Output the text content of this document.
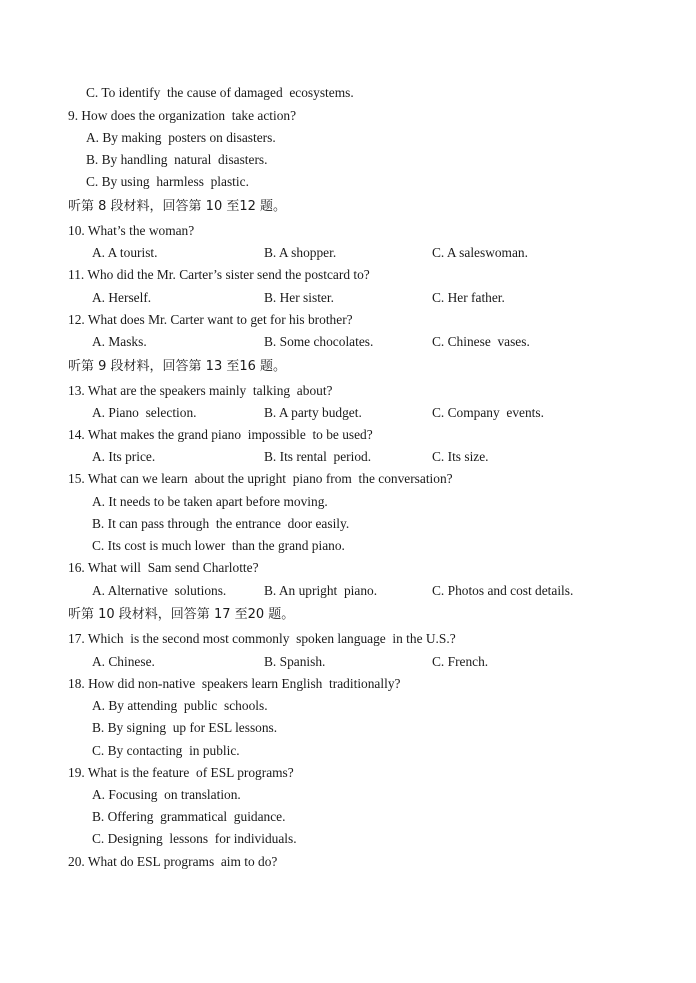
C. To identify  the cause of damaged  ecosystems.
9. How does the organization  take action?
A. By making  posters on disasters.
B. By handling  natural  disasters.
C. By using  harmless  plastic.
听第 8 段材料，回答第 10 至12 题。
10. What’s the woman?
A. A tourist.	B. A shopper.	C. A saleswoman.
11. Who did the Mr. Carter’s sister send the postcard to?
A. Herself.	B. Her sister.	C. Her father.
12. What does Mr. Carter want to get for his brother?
A. Masks.	B. Some chocolates.	C. Chinese  vases.
听第 9 段材料，回答第 13 至16 题。
13. What are the speakers mainly  talking  about?
A. Piano  selection.	B. A party budget.	C. Company  events.
14. What makes the grand piano  impossible  to be used?
A. Its price.	B. Its rental  period.	C. Its size.
15. What can we learn  about the upright  piano from  the conversation?
A. It needs to be taken apart before moving.
B. It can pass through  the entrance  door easily.
C. Its cost is much lower  than the grand piano.
16. What will  Sam send Charlotte?
A. Alternative  solutions.	B. An upright  piano.	C. Photos and cost details.
听第 10 段材料，回答第 17 至20 题。
17. Which  is the second most commonly  spoken language  in the U.S.?
A. Chinese.	B. Spanish.	C. French.
18. How did non-native  speakers learn English  traditionally?
A. By attending  public  schools.
B. By signing  up for ESL lessons.
C. By contacting  in public.
19. What is the feature  of ESL programs?
A. Focusing  on translation.
B. Offering  grammatical  guidance.
C. Designing  lessons  for individuals.
20. What do ESL programs  aim to do?
